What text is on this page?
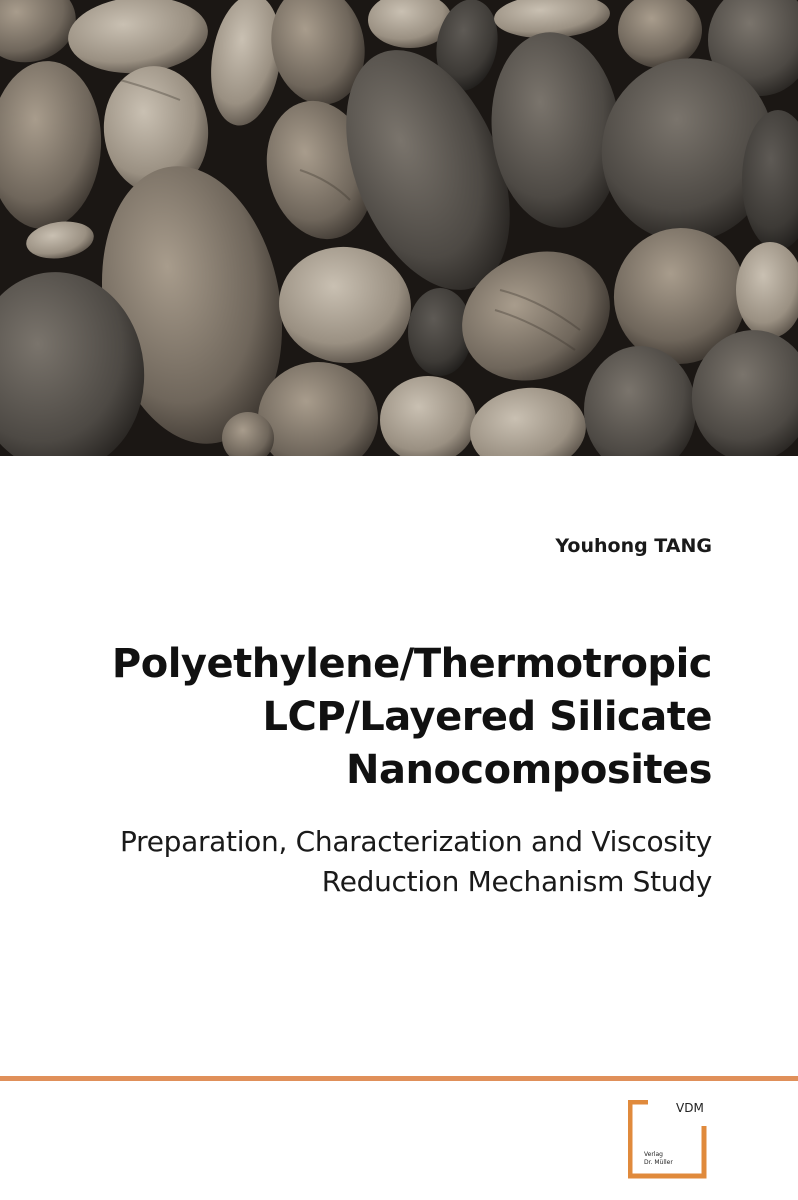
Youhong TANG
Polyethylene/Thermotropic
LCP/Layered Silicate
Nanocomposites
Preparation, Characterization and Viscosity
Reduction Mechanism Study
VDM
Verlag
Dr. Müller
